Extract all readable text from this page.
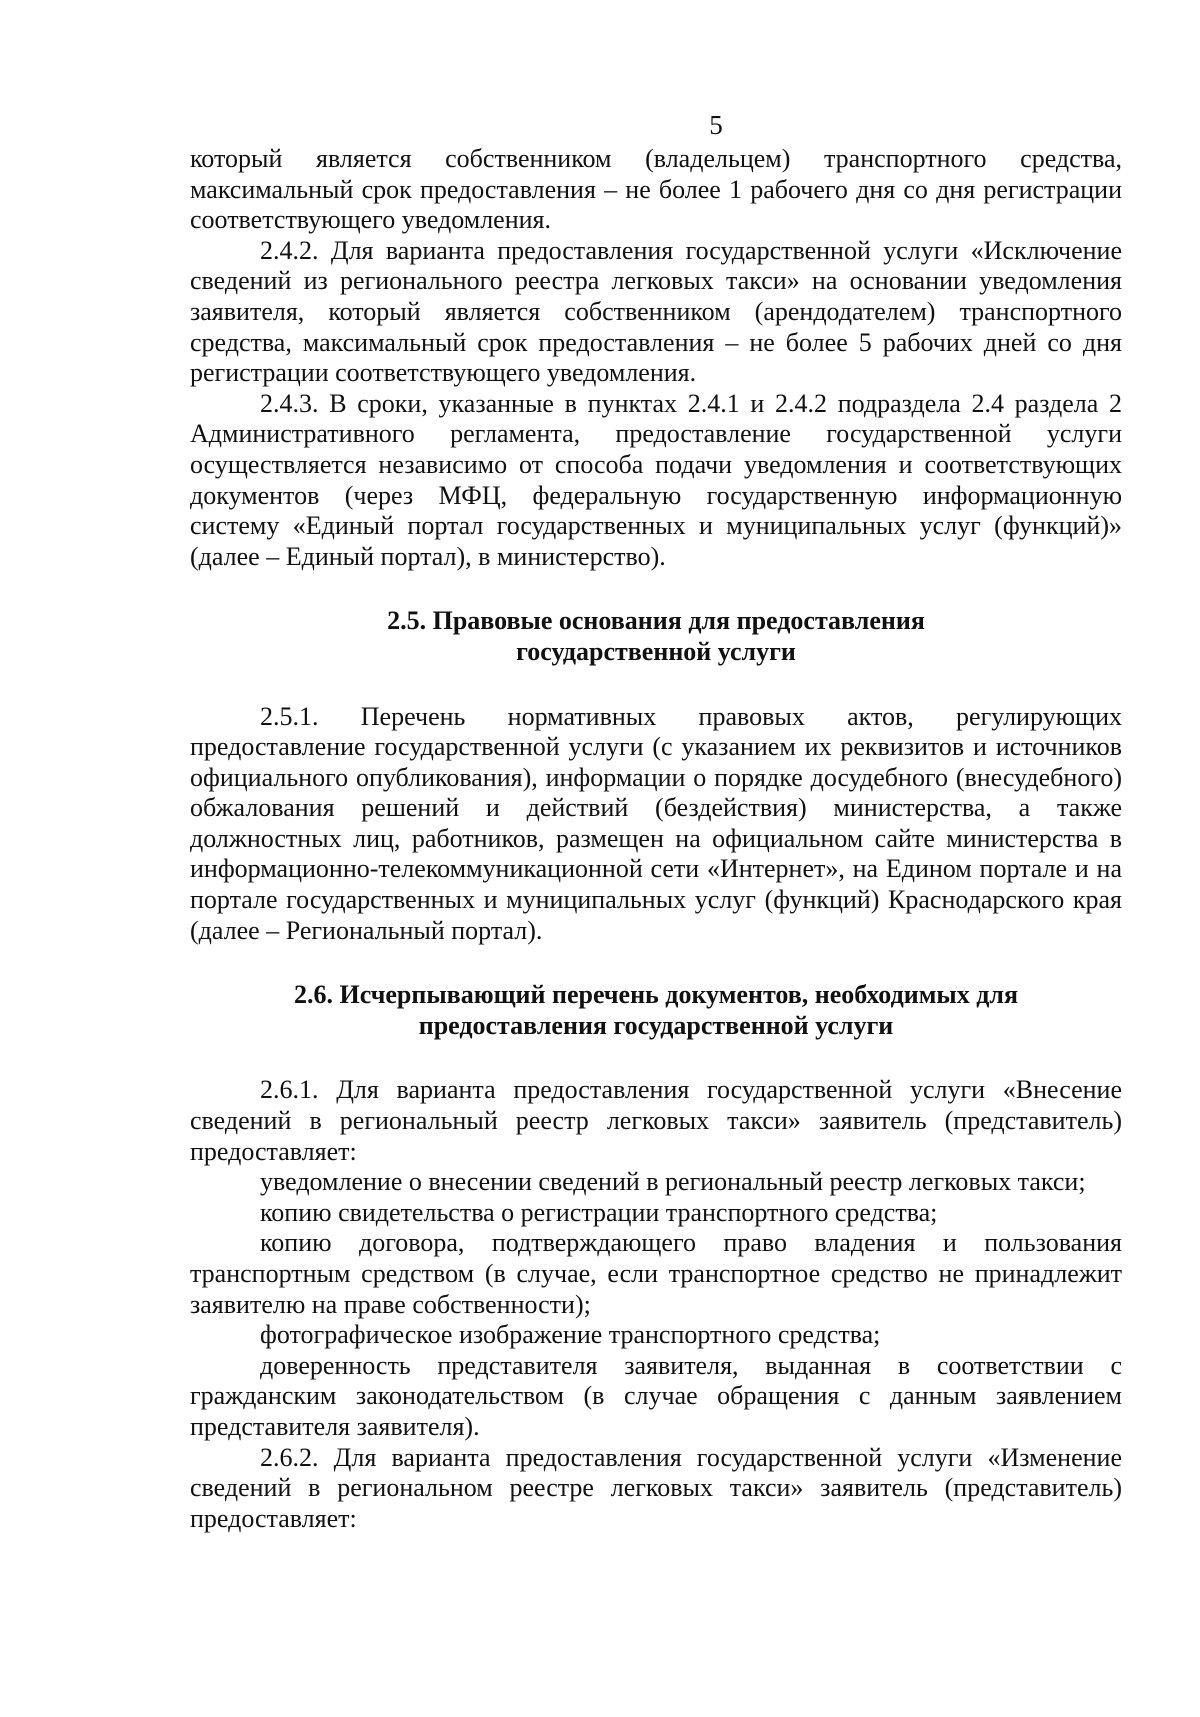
5

который является собственником (владельцем) транспортного средства, максимальный срок предоставления – не более 1 рабочего дня со дня регистрации соответствующего уведомления.

2.4.2. Для варианта предоставления государственной услуги «Исключение сведений из регионального реестра легковых такси» на основании уведомления заявителя, который является собственником (арендодателем) транспортного средства, максимальный срок предоставления – не более 5 рабочих дней со дня регистрации соответствующего уведомления.

2.4.3. В сроки, указанные в пунктах 2.4.1 и 2.4.2 подраздела 2.4 раздела 2 Административного регламента, предоставление государственной услуги осуществляется независимо от способа подачи уведомления и соответствующих документов (через МФЦ, федеральную государственную информационную систему «Единый портал государственных и муниципальных услуг (функций)» (далее – Единый портал), в министерство).

2.5. Правовые основания для предоставления
государственной услуги

2.5.1. Перечень нормативных правовых актов, регулирующих предоставление государственной услуги (с указанием их реквизитов и источников официального опубликования), информации о порядке досудебного (внесудебного) обжалования решений и действий (бездействия) министерства, а также должностных лиц, работников, размещен на официальном сайте министерства в информационно-телекоммуникационной сети «Интернет», на Едином портале и на портале государственных и муниципальных услуг (функций) Краснодарского края (далее – Региональный портал).

2.6. Исчерпывающий перечень документов, необходимых для
предоставления государственной услуги

2.6.1. Для варианта предоставления государственной услуги «Внесение сведений в региональный реестр легковых такси» заявитель (представитель) предоставляет:

уведомление о внесении сведений в региональный реестр легковых такси;

копию свидетельства о регистрации транспортного средства;

копию договора, подтверждающего право владения и пользования транспортным средством (в случае, если транспортное средство не принадлежит заявителю на праве собственности);

фотографическое изображение транспортного средства;

доверенность представителя заявителя, выданная в соответствии с гражданским законодательством (в случае обращения с данным заявлением представителя заявителя).

2.6.2. Для варианта предоставления государственной услуги «Изменение сведений в региональном реестре легковых такси» заявитель (представитель) предоставляет:
